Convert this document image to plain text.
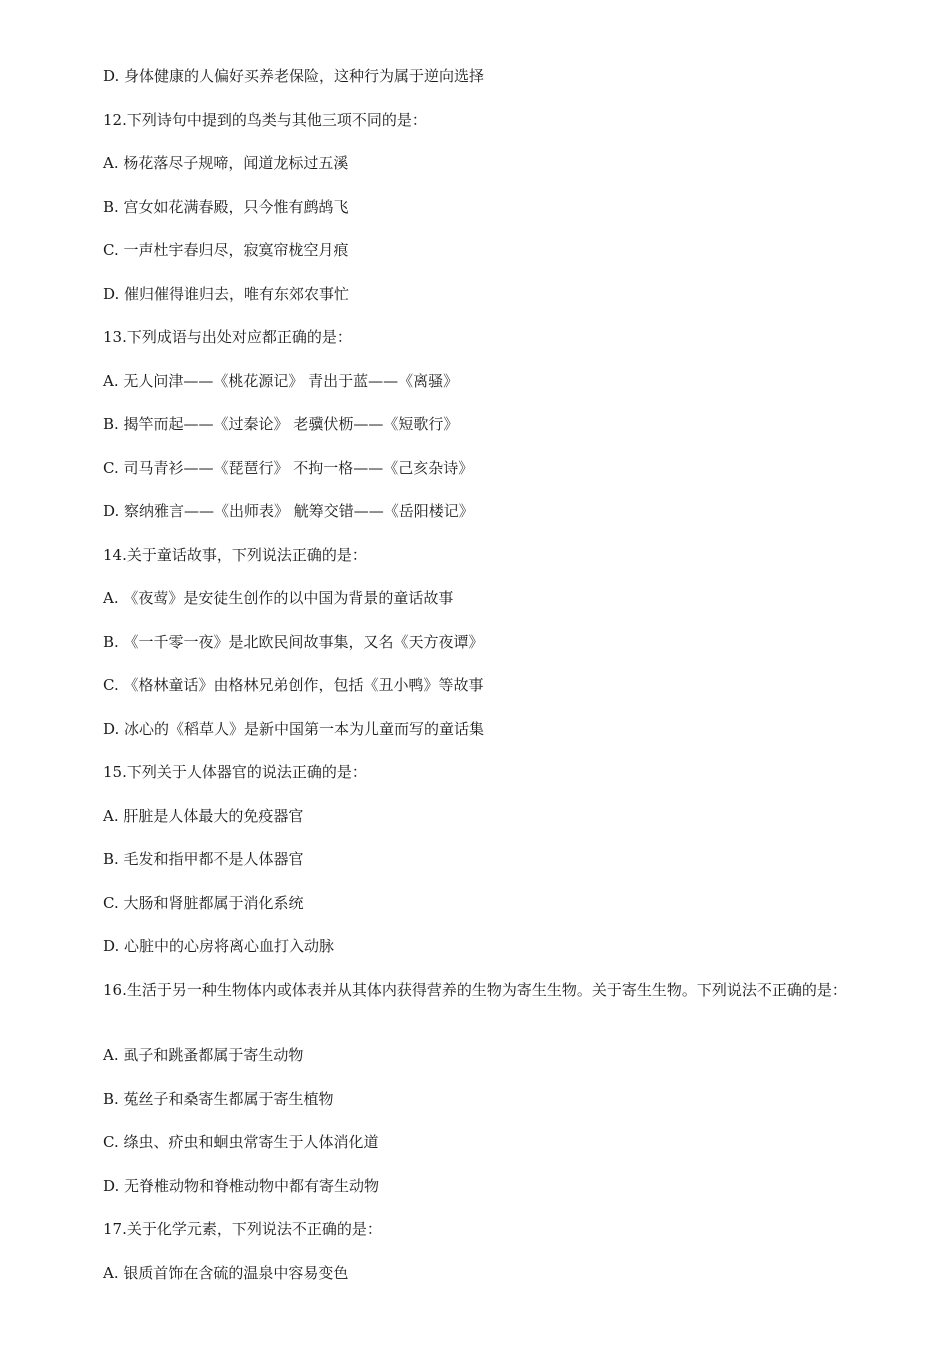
D. 身体健康的人偏好买养老保险，这种行为属于逆向选择
12.下列诗句中提到的鸟类与其他三项不同的是：
A. 杨花落尽子规啼，闻道龙标过五溪
B. 宫女如花满春殿，只今惟有鹧鸪飞
C. 一声杜宇春归尽，寂寞帘栊空月痕
D. 催归催得谁归去，唯有东郊农事忙
13.下列成语与出处对应都正确的是：
A. 无人问津——《桃花源记》 青出于蓝——《离骚》
B. 揭竿而起——《过秦论》 老骥伏枥——《短歌行》
C. 司马青衫——《琵琶行》 不拘一格——《己亥杂诗》
D. 察纳雅言——《出师表》 觥筹交错——《岳阳楼记》
14.关于童话故事，下列说法正确的是：
A. 《夜莺》是安徒生创作的以中国为背景的童话故事
B. 《一千零一夜》是北欧民间故事集，又名《天方夜谭》
C. 《格林童话》由格林兄弟创作，包括《丑小鸭》等故事
D. 冰心的《稻草人》是新中国第一本为儿童而写的童话集
15.下列关于人体器官的说法正确的是：
A. 肝脏是人体最大的免疫器官
B. 毛发和指甲都不是人体器官
C. 大肠和肾脏都属于消化系统
D. 心脏中的心房将离心血打入动脉
16.生活于另一种生物体内或体表并从其体内获得营养的生物为寄生生物。关于寄生生物。下列说法不正确的是：
A. 虱子和跳蚤都属于寄生动物
B. 菟丝子和桑寄生都属于寄生植物
C. 绦虫、疥虫和蛔虫常寄生于人体消化道
D. 无脊椎动物和脊椎动物中都有寄生动物
17.关于化学元素，下列说法不正确的是：
A. 银质首饰在含硫的温泉中容易变色
